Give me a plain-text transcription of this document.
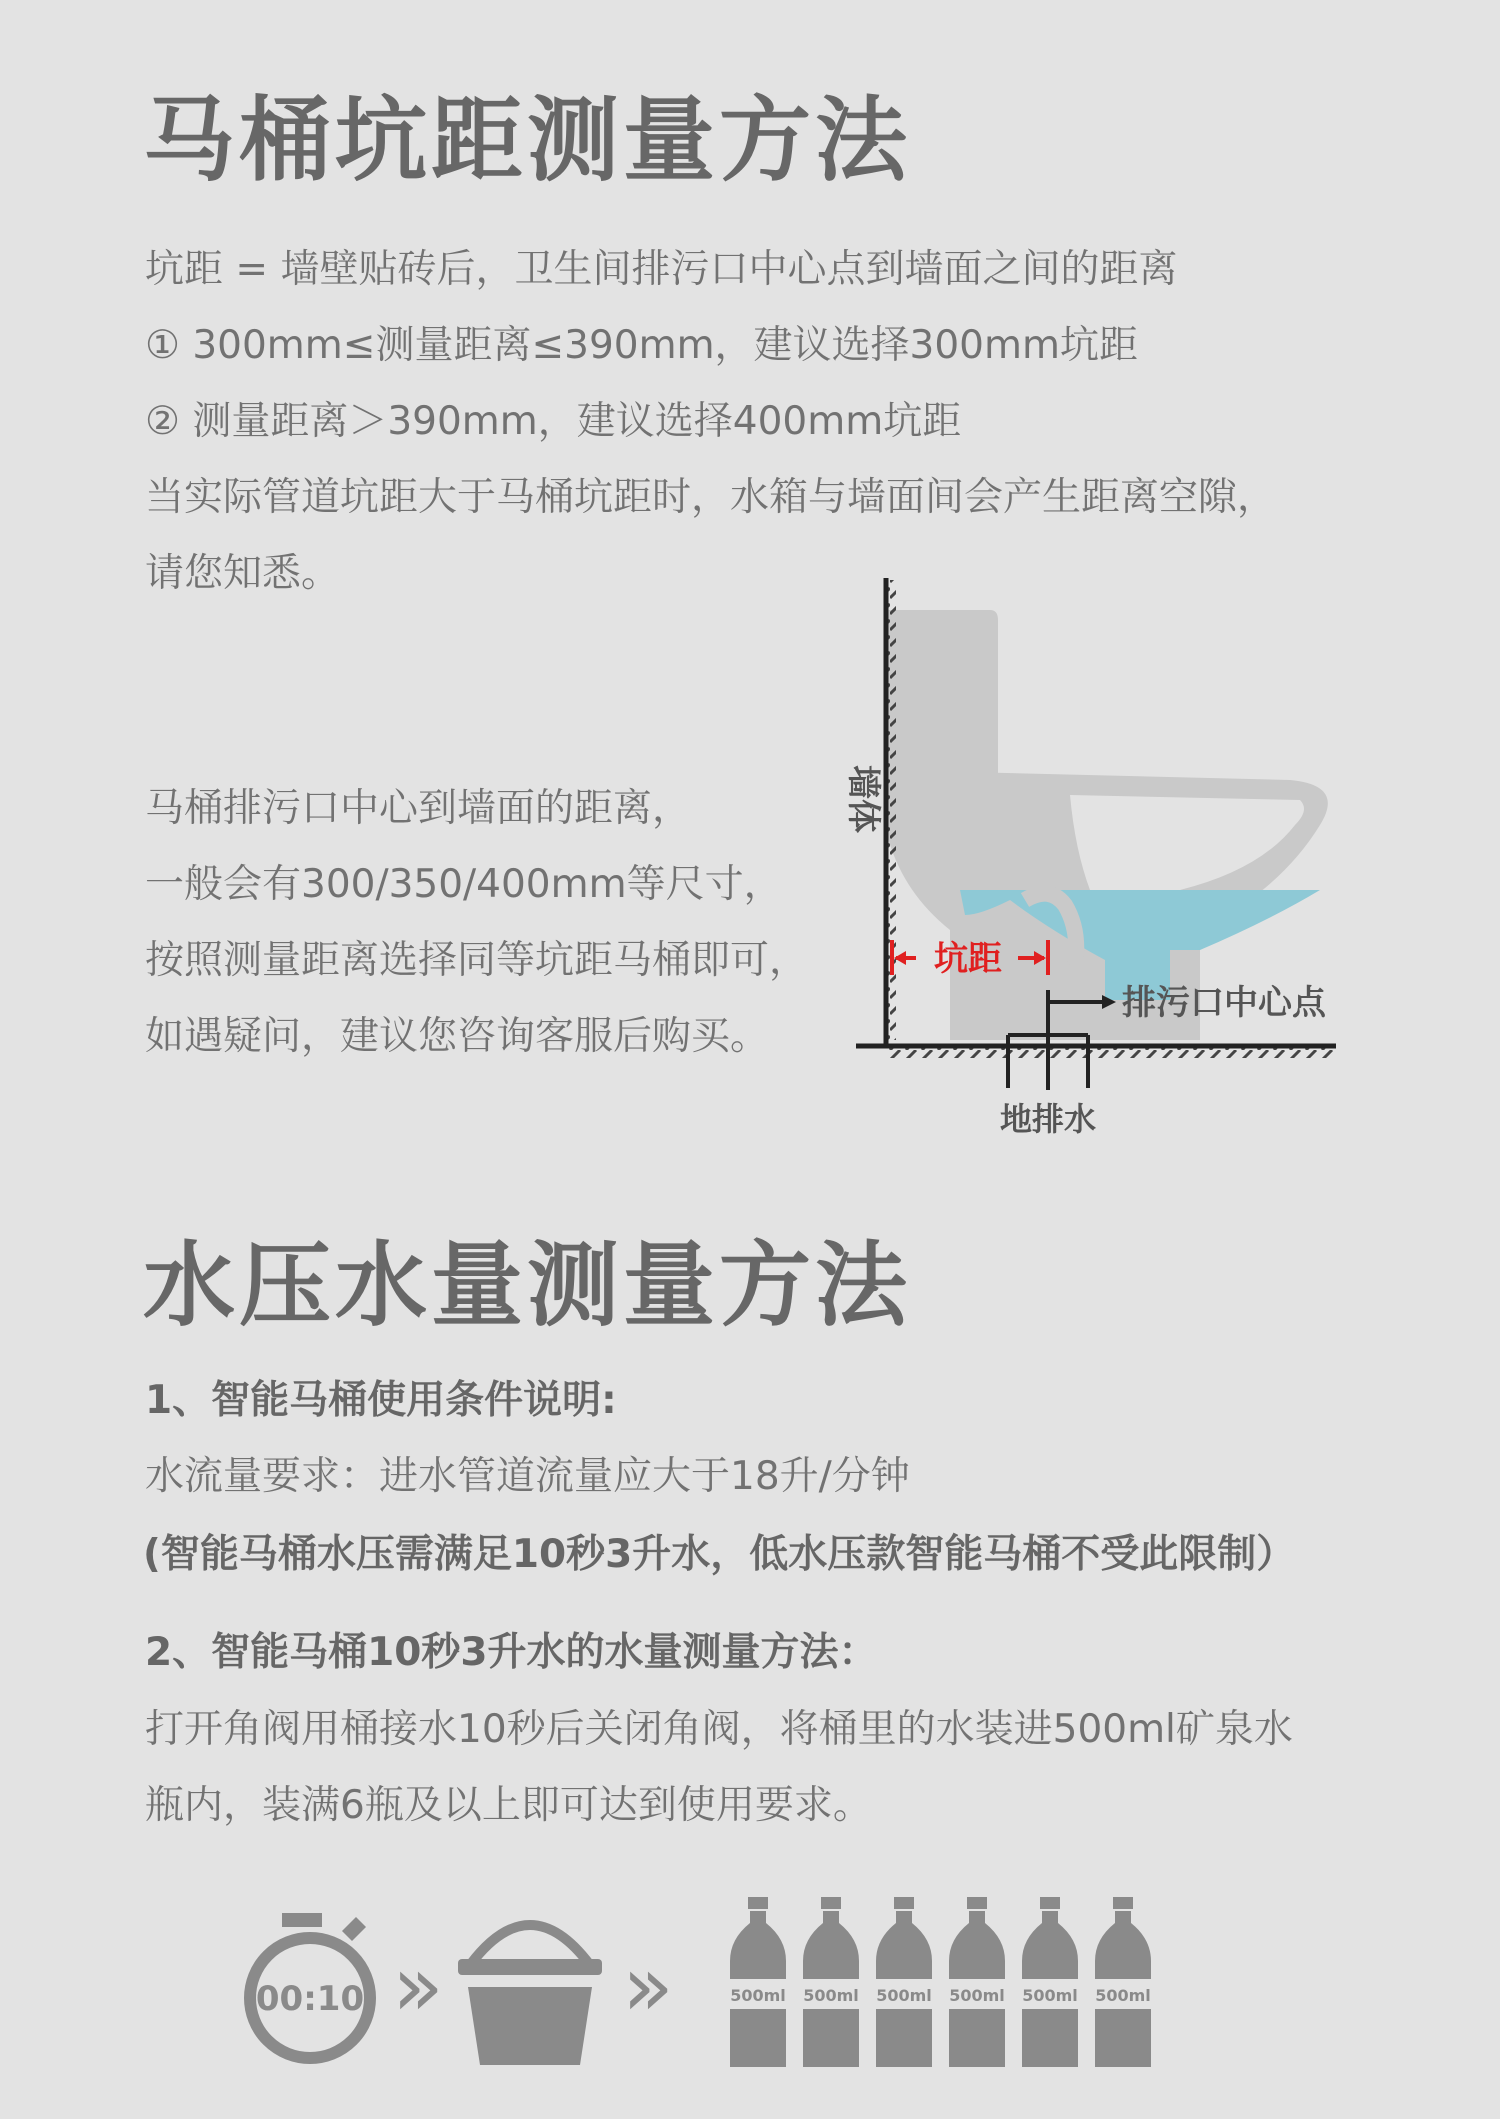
马桶坑距测量方法
坑距 = 墙壁贴砖后，卫生间排污口中心点到墙面之间的距离
① 300mm≤测量距离≤390mm，建议选择300mm坑距
② 测量距离＞390mm，建议选择400mm坑距
当实际管道坑距大于马桶坑距时，水箱与墙面间会产生距离空隙，
请您知悉。
马桶排污口中心到墙面的距离，
一般会有300/350/400mm等尺寸，
按照测量距离选择同等坑距马桶即可，
如遇疑问，建议您咨询客服后购买。
坑距
排污口中心点
地排水
墙体
水压水量测量方法
1、智能马桶使用条件说明:
水流量要求：进水管道流量应大于18升/分钟
(智能马桶水压需满足10秒3升水，低水压款智能马桶不受此限制）
2、智能马桶10秒3升水的水量测量方法：
打开角阀用桶接水10秒后关闭角阀，将桶里的水装进500ml矿泉水
瓶内，装满6瓶及以上即可达到使用要求。
00:10 » »	500ml 500ml 500ml 500ml 500ml 500ml
